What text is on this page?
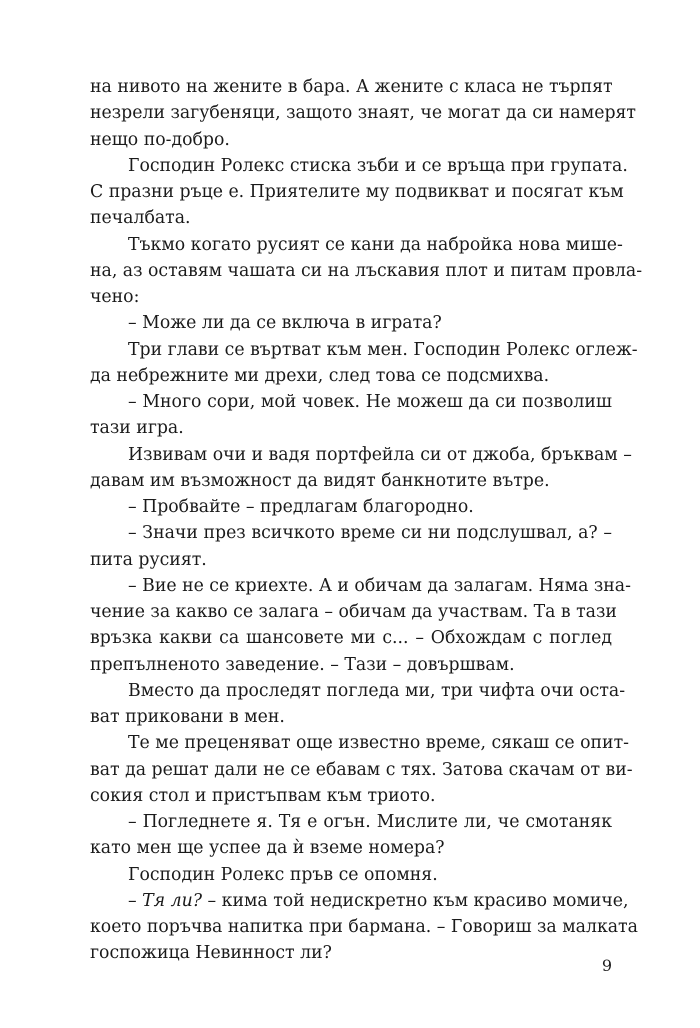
на нивото на жените в бара. А жените с класа не търпят
незрели загубеняци, защото знаят, че могат да си намерят
нещо по-добро.
Господин Ролекс стиска зъби и се връща при групата.
С празни ръце е. Приятелите му подвикват и посягат към
печалбата.
Тъкмо когато русият се кани да набройка нова мише-
на, аз оставям чашата си на лъскавия плот и питам провла-
чено:
– Може ли да се включа в играта?
Три глави се въртват към мен. Господин Ролекс оглеж-
да небрежните ми дрехи, след това се подсмихва.
– Много сори, мой човек. Не можеш да си позволиш
тази игра.
Извивам очи и вадя портфейла си от джоба, бръквам –
давам им възможност да видят банкнотите вътре.
– Пробвайте – предлагам благородно.
– Значи през всичкото време си ни подслушвал, а? –
пита русият.
– Вие не се криехте. А и обичам да залагам. Няма зна-
чение за какво се залага – обичам да участвам. Та в тази
връзка какви са шансовете ми с... – Обхождам с поглед
препълненото заведение. – Тази – довършвам.
Вместо да проследят погледа ми, три чифта очи остa-
ват приковани в мен.
Те ме преценяват още известно време, сякаш се опит-
ват да решат дали не се ебавам с тях. Затова скачам от ви-
сокия стол и пристъпвам към триото.
– Погледнете я. Тя е огън. Мислите ли, че смотаняк
като мен ще успее да ѝ вземе номера?
Господин Ролекс пръв се опомня.
– Тя ли? – кима той недискретно към красиво момиче,
което поръчва напитка при бармана. – Говориш за малката
госпожица Невинност ли?
9
